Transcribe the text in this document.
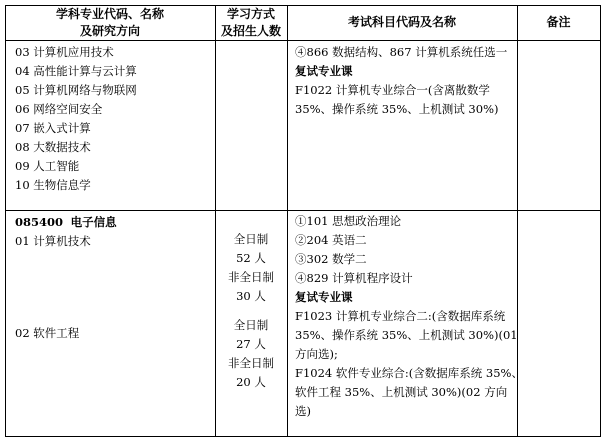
学科专业代码、名称
及研究方向
学习方式
及招生人数
考试科目代码及名称	备注
03 计算机应用技术
04 高性能计算与云计算
05 计算机网络与物联网
06 网络空间安全
07 嵌入式计算
08 大数据技术
09 人工智能
10 生物信息学
④866 数据结构、867 计算机系统任选一
复试专业课
F1022 计算机专业综合一(含离散数学
35%、操作系统 35%、上机测试 30%)
085400 电子信息
01 计算机技术
02 软件工程
全日制
52 人
非全日制
30 人
全日制
27 人
非全日制
20 人
①101 思想政治理论
②204 英语二
③302 数学二
④829 计算机程序设计
复试专业课
F1023 计算机专业综合二:(含数据库系统
35%、操作系统 35%、上机测试 30%)(01
方向选);
F1024 软件专业综合:(含数据库系统 35%、
软件工程 35%、上机测试 30%)(02 方向
选)
